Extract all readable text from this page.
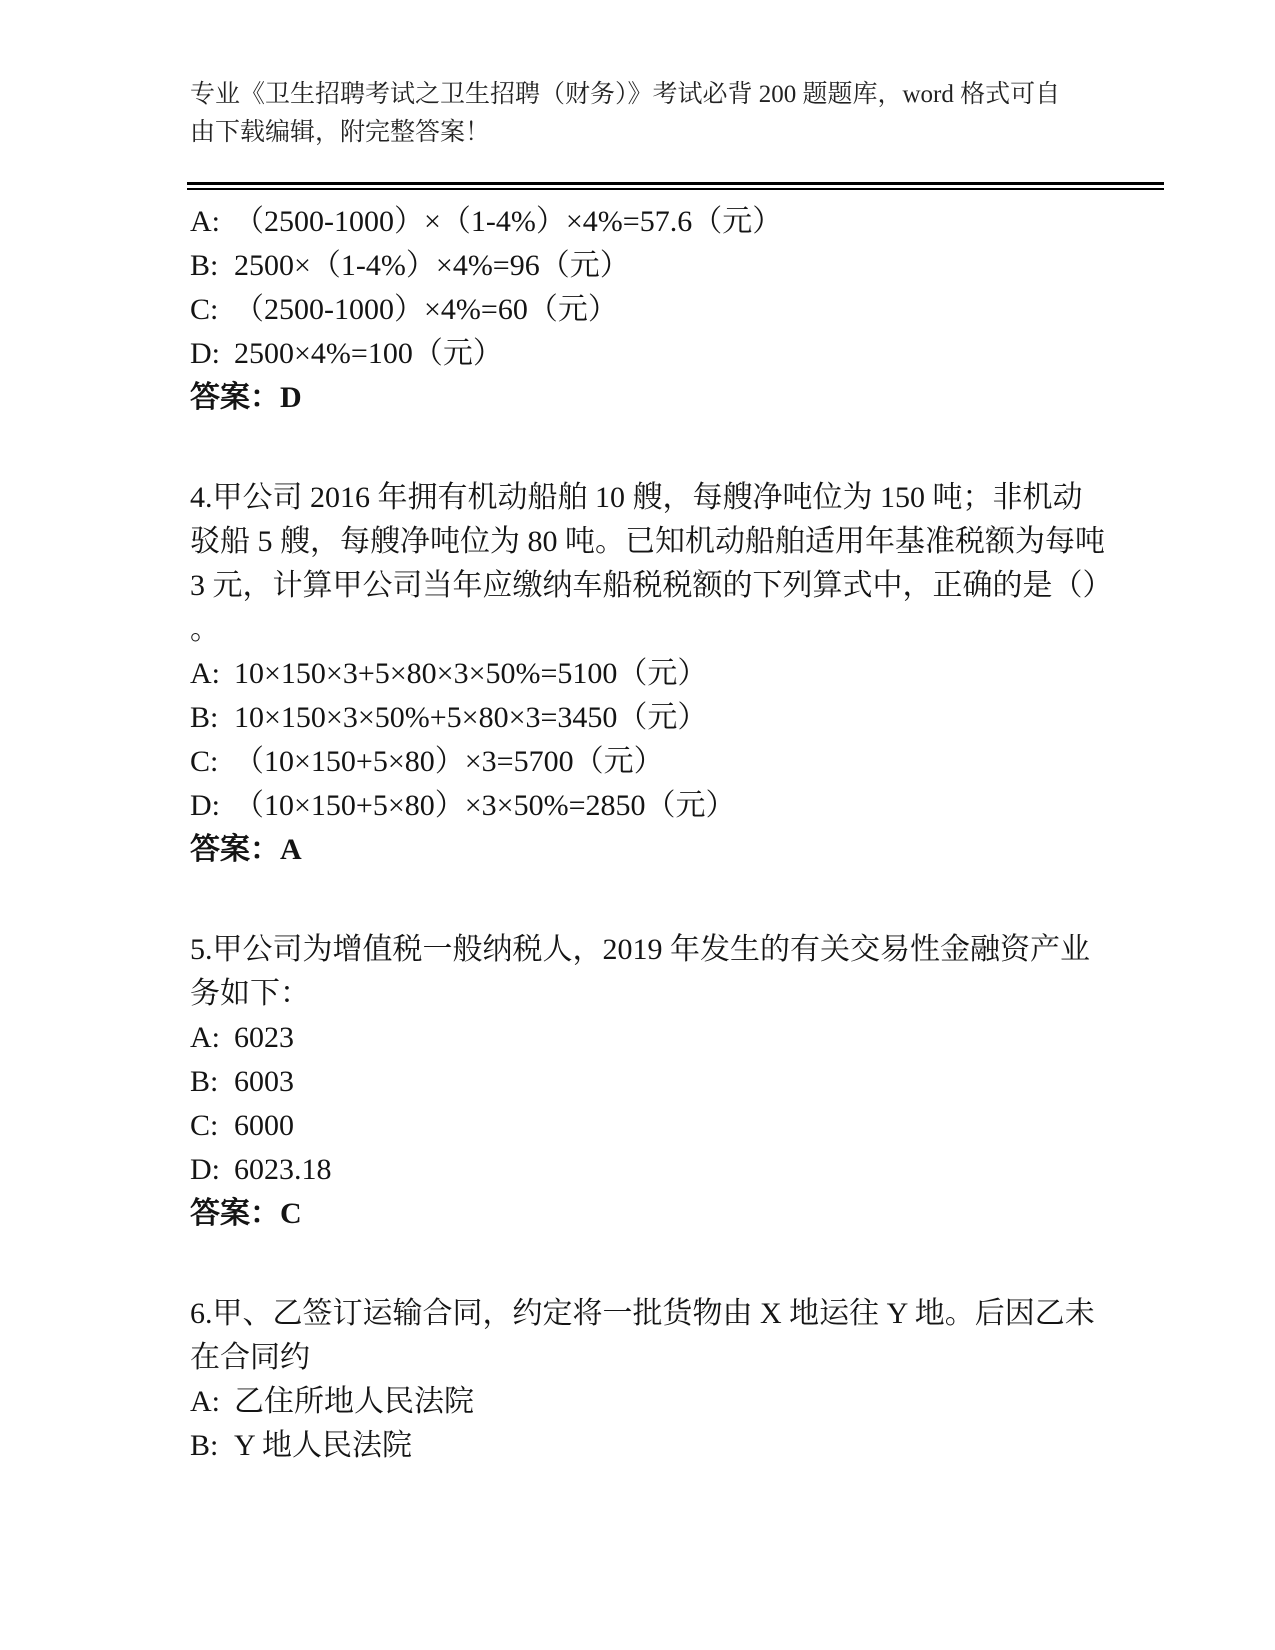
专业《卫生招聘考试之卫生招聘（财务）》考试必背 200 题题库，word 格式可自
由下载编辑，附完整答案！
A: （2500-1000）×（1-4%）×4%=57.6（元）
B: 2500×（1-4%）×4%=96（元）
C: （2500-1000）×4%=60（元）
D: 2500×4%=100（元）
答案：D
4.甲公司 2016 年拥有机动船舶 10 艘，每艘净吨位为 150 吨；非机动
驳船 5 艘，每艘净吨位为 80 吨。已知机动船舶适用年基准税额为每吨
3 元，计算甲公司当年应缴纳车船税税额的下列算式中，正确的是（）
。
A: 10×150×3+5×80×3×50%=5100（元）
B: 10×150×3×50%+5×80×3=3450（元）
C: （10×150+5×80）×3=5700（元）
D: （10×150+5×80）×3×50%=2850（元）
答案：A
5.甲公司为增值税一般纳税人，2019 年发生的有关交易性金融资产业
务如下：
A: 6023
B: 6003
C: 6000
D: 6023.18
答案：C
6.甲、乙签订运输合同，约定将一批货物由 X 地运往 Y 地。后因乙未
在合同约
A: 乙住所地人民法院
B: Y 地人民法院
